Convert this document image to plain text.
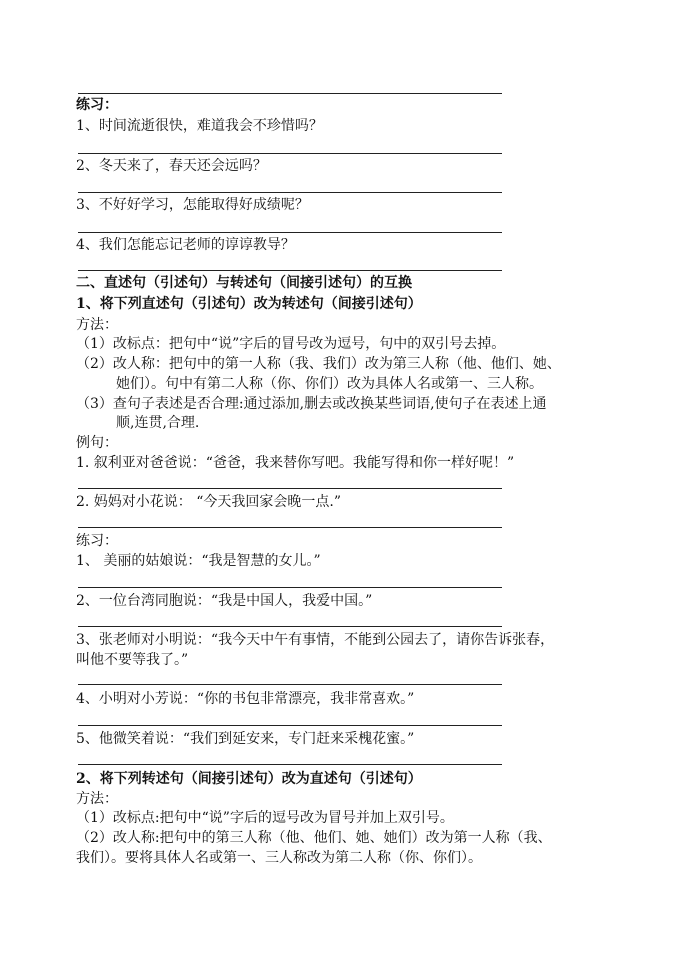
练习：
1、时间流逝很快，难道我会不珍惜吗？
2、冬天来了，春天还会远吗？
3、不好好学习，怎能取得好成绩呢？
4、我们怎能忘记老师的谆谆教导？
二、直述句（引述句）与转述句（间接引述句）的互换
1、将下列直述句（引述句）改为转述句（间接引述句）
方法：
（1）改标点：把句中“说”字后的冒号改为逗号，句中的双引号去掉。
（2）改人称：把句中的第一人称（我、我们）改为第三人称（他、他们、她、
她们）。句中有第二人称（你、你们）改为具体人名或第一、三人称。
（3）查句子表述是否合理:通过添加,删去或改换某些词语,使句子在表述上通
顺,连贯,合理.
例句：
1. 叙利亚对爸爸说：“爸爸，我来替你写吧。我能写得和你一样好呢！”
2. 妈妈对小花说： “今天我回家会晚一点.”
练习：
1、 美丽的姑娘说：“我是智慧的女儿。”
2、一位台湾同胞说：“我是中国人，我爱中国。”
3、张老师对小明说：“我今天中午有事情，不能到公园去了，请你告诉张春，
叫他不要等我了。”
4、小明对小芳说：“你的书包非常漂亮，我非常喜欢。”
5、他微笑着说：“我们到延安来，专门赶来采槐花蜜。”
2、将下列转述句（间接引述句）改为直述句（引述句）
方法：
（1）改标点:把句中“说”字后的逗号改为冒号并加上双引号。
（2）改人称:把句中的第三人称（他、他们、她、她们）改为第一人称（我、
我们）。要将具体人名或第一、三人称改为第二人称（你、你们）。
